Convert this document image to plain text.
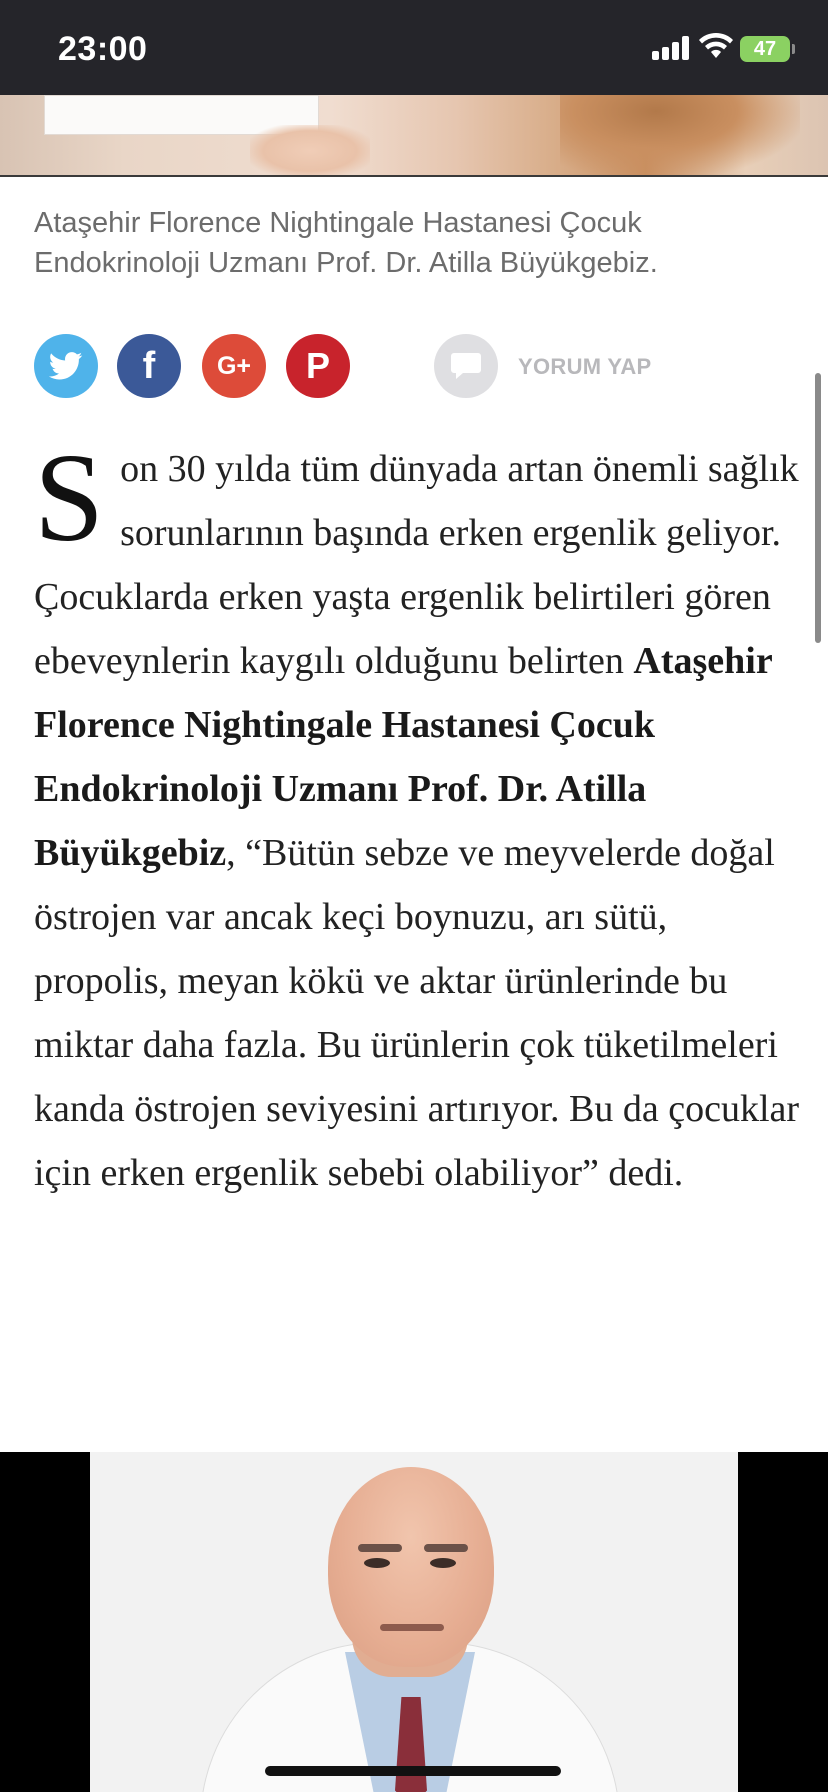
23:00	47

Ataşehir Florence Nightingale Hastanesi Çocuk Endokrinoloji Uzmanı Prof. Dr. Atilla Büyükgebiz.

f G+ P	YORUM YAP

Son 30 yılda tüm dünyada artan önemli sağlık sorunlarının başında erken ergenlik geliyor. Çocuklarda erken yaşta ergenlik belirtileri gören ebeveynlerin kaygılı olduğunu belirten Ataşehir Florence Nightingale Hastanesi Çocuk Endokrinoloji Uzmanı Prof. Dr. Atilla Büyükgebiz, “Bütün sebze ve meyvelerde doğal östrojen var ancak keçi boynuzu, arı sütü, propolis, meyan kökü ve aktar ürünlerinde bu miktar daha fazla. Bu ürünlerin çok tüketilmeleri kanda östrojen seviyesini artırıyor. Bu da çocuklar için erken ergenlik sebebi olabiliyor” dedi.
